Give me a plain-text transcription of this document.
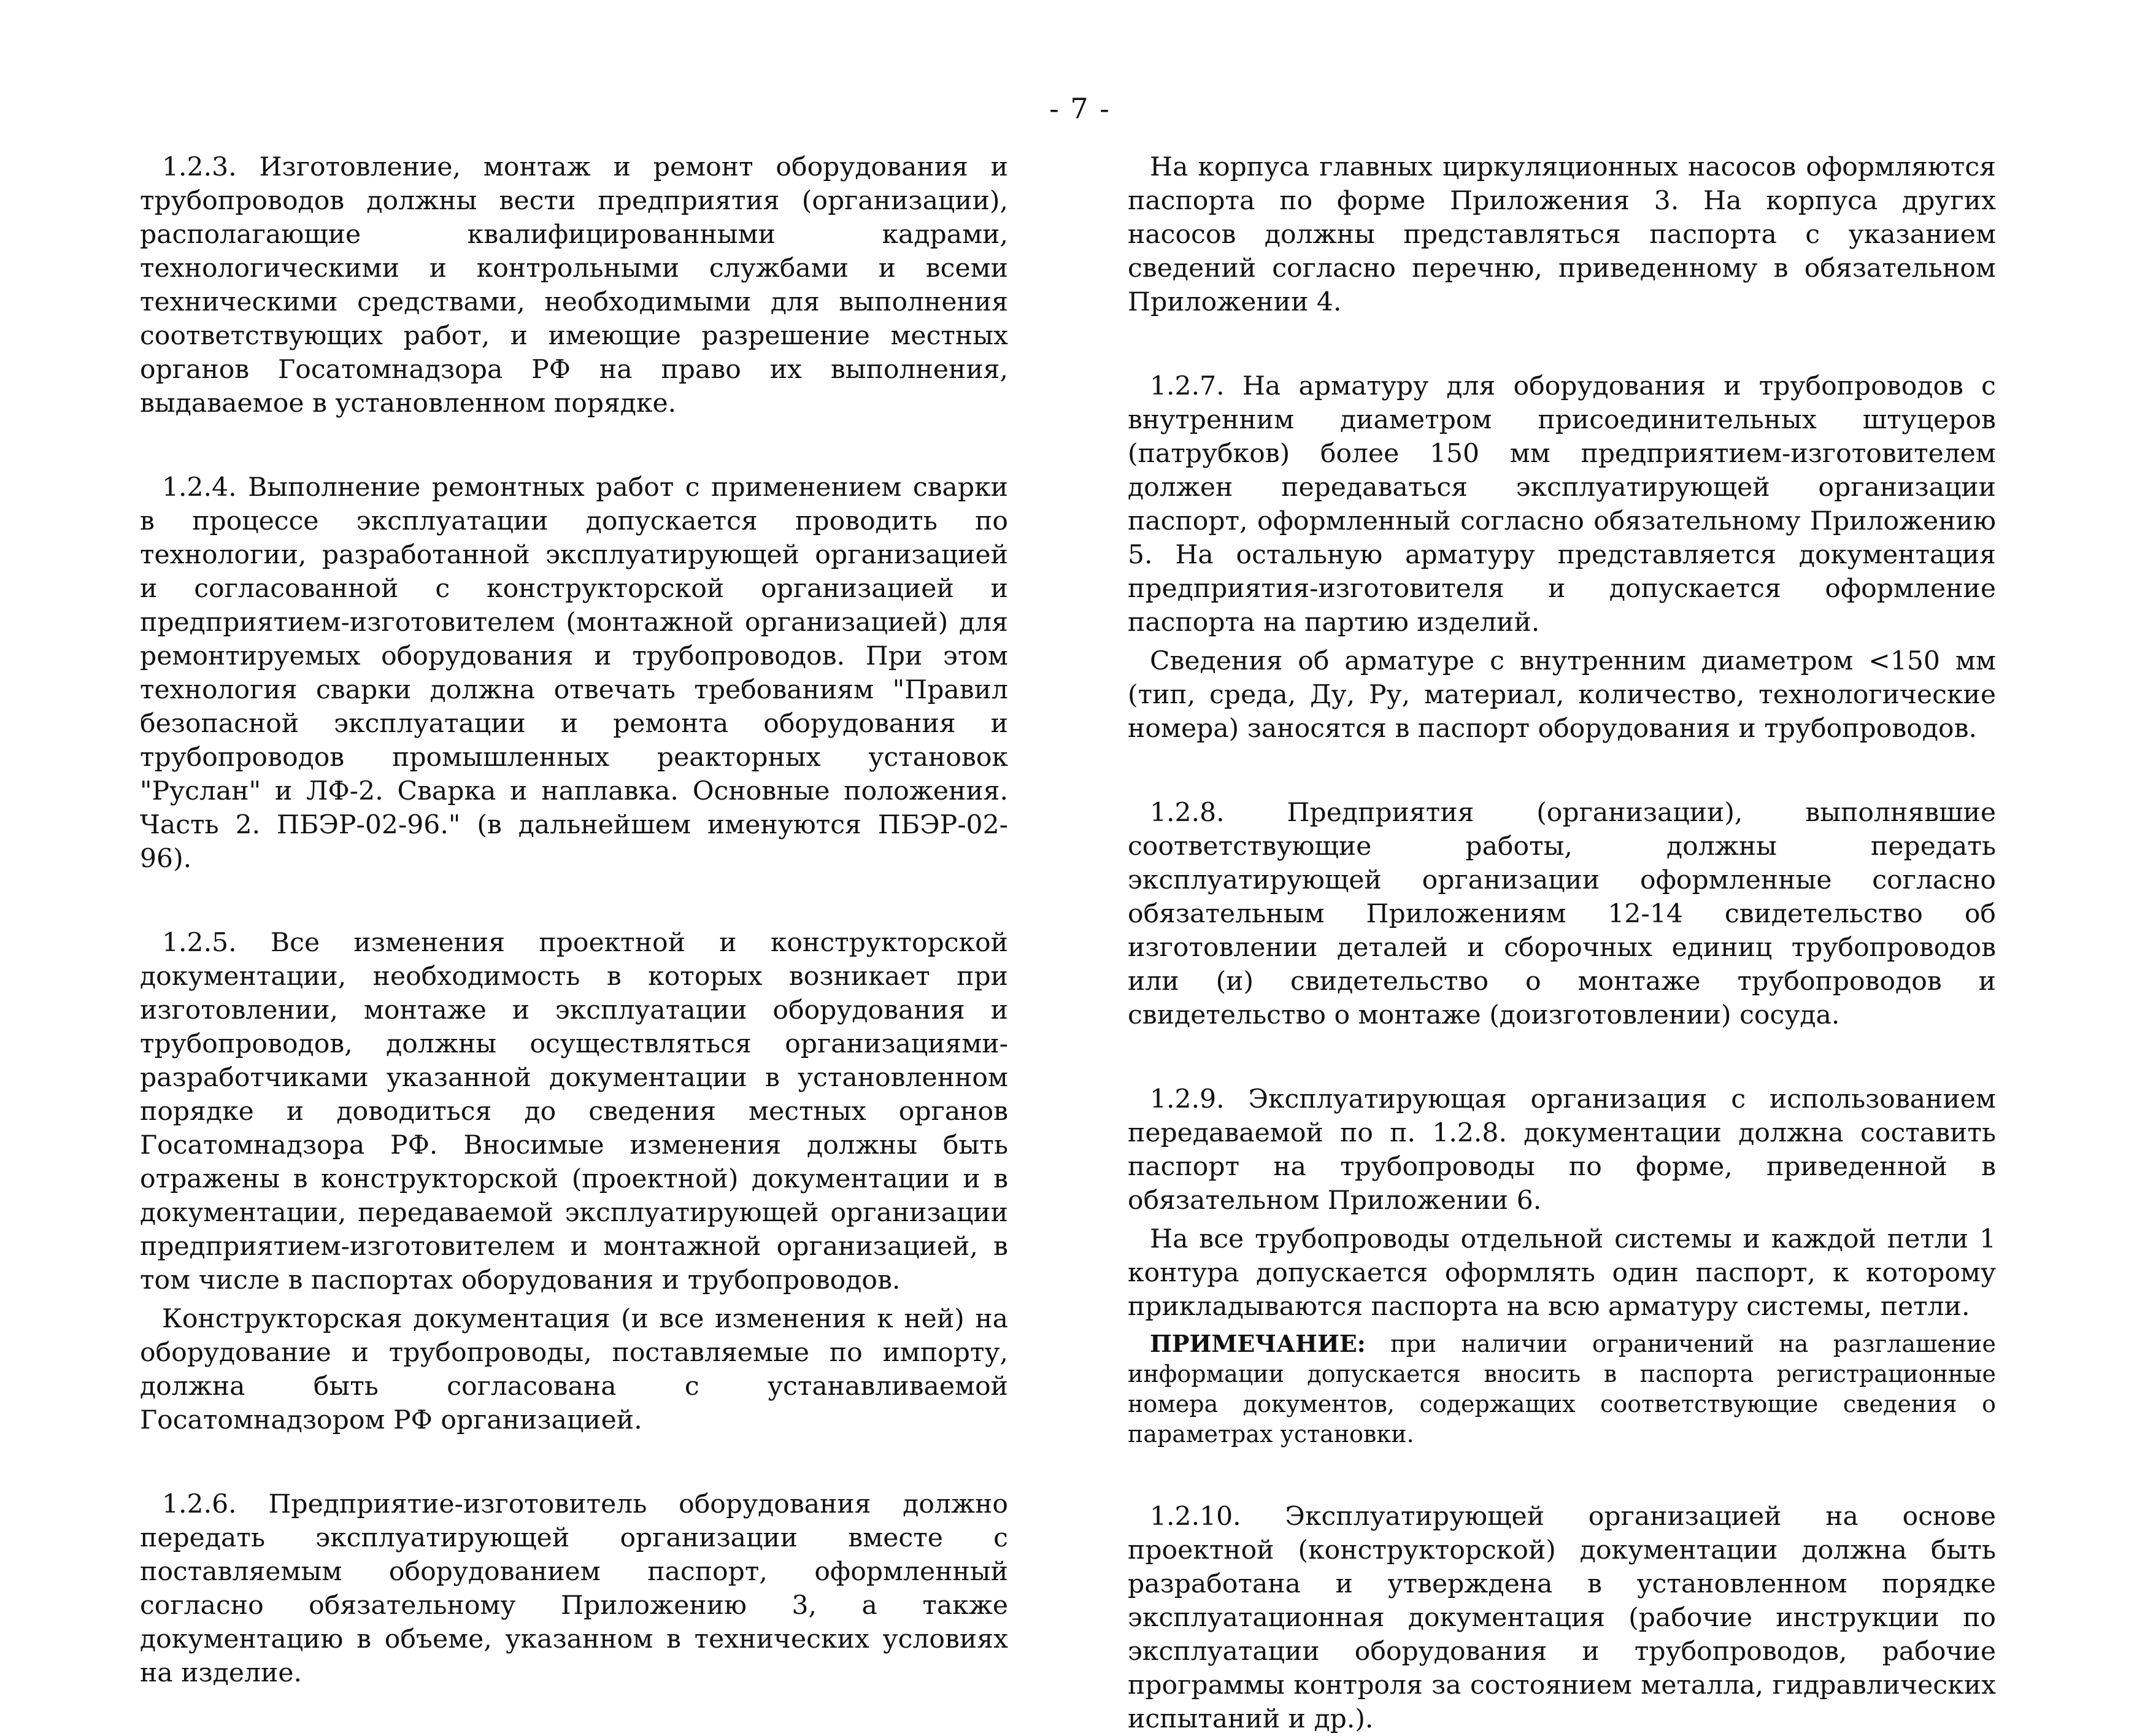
- 7 -

1.2.3. Изготовление, монтаж и ремонт оборудования и трубопроводов должны вести предприятия (организации), располагающие квалифицированными кадрами, технологическими и контрольными службами и всеми техническими средствами, необходимыми для выполнения соответствующих работ, и имеющие разрешение местных органов Госатомнадзора РФ на право их выполнения, выдаваемое в установленном порядке.

1.2.4. Выполнение ремонтных работ с применением сварки в процессе эксплуатации допускается проводить по технологии, разработанной эксплуатирующей организацией и согласованной с конструкторской организацией и предприятием-изготовителем (монтажной организацией) для ремонтируемых оборудования и трубопроводов. При этом технология сварки должна отвечать требованиям "Правил безопасной эксплуатации и ремонта оборудования и трубопроводов промышленных реакторных установок "Руслан" и ЛФ-2. Сварка и наплавка. Основные положения. Часть 2. ПБЭР-02-96." (в дальнейшем именуются ПБЭР-02-96).

1.2.5. Все изменения проектной и конструкторской документации, необходимость в которых возникает при изготовлении, монтаже и эксплуатации оборудования и трубопроводов, должны осуществляться организациями-разработчиками указанной документации в установленном порядке и доводиться до сведения местных органов Госатомнадзора РФ. Вносимые изменения должны быть отражены в конструкторской (проектной) документации и в документации, передаваемой эксплуатирующей организации предприятием-изготовителем и монтажной организацией, в том числе в паспортах оборудования и трубопроводов.

Конструкторская документация (и все изменения к ней) на оборудование и трубопроводы, поставляемые по импорту, должна быть согласована с устанавливаемой Госатомнадзором РФ организацией.

1.2.6. Предприятие-изготовитель оборудования должно передать эксплуатирующей организации вместе с поставляемым оборудованием паспорт, оформленный согласно обязательному Приложению 3, а также документацию в объеме, указанном в технических условиях на изделие.

На корпуса главных циркуляционных насосов оформляются паспорта по форме Приложения 3. На корпуса других насосов должны представляться паспорта с указанием сведений согласно перечню, приведенному в обязательном Приложении 4.

1.2.7. На арматуру для оборудования и трубопроводов с внутренним диаметром присоединительных штуцеров (патрубков) более 150 мм предприятием-изготовителем должен передаваться эксплуатирующей организации паспорт, оформленный согласно обязательному Приложению 5. На остальную арматуру представляется документация предприятия-изготовителя и допускается оформление паспорта на партию изделий.

Сведения об арматуре с внутренним диаметром <150 мм (тип, среда, Ду, Ру, материал, количество, технологические номера) заносятся в паспорт оборудования и трубопроводов.

1.2.8. Предприятия (организации), выполнявшие соответствующие работы, должны передать эксплуатирующей организации оформленные согласно обязательным Приложениям 12-14 свидетельство об изготовлении деталей и сборочных единиц трубопроводов или (и) свидетельство о монтаже трубопроводов и свидетельство о монтаже (доизготовлении) сосуда.

1.2.9. Эксплуатирующая организация с использованием передаваемой по п. 1.2.8. документации должна составить паспорт на трубопроводы по форме, приведенной в обязательном Приложении 6.

На все трубопроводы отдельной системы и каждой петли 1 контура допускается оформлять один паспорт, к которому прикладываются паспорта на всю арматуру системы, петли.

ПРИМЕЧАНИЕ: при наличии ограничений на разглашение информации допускается вносить в паспорта регистрационные номера документов, содержащих соответствующие сведения о параметрах установки.

1.2.10. Эксплуатирующей организацией на основе проектной (конструкторской) документации должна быть разработана и утверждена в установленном порядке эксплуатационная документация (рабочие инструкции по эксплуатации оборудования и трубопроводов, рабочие программы контроля за состоянием металла, гидравлических испытаний и др.).
